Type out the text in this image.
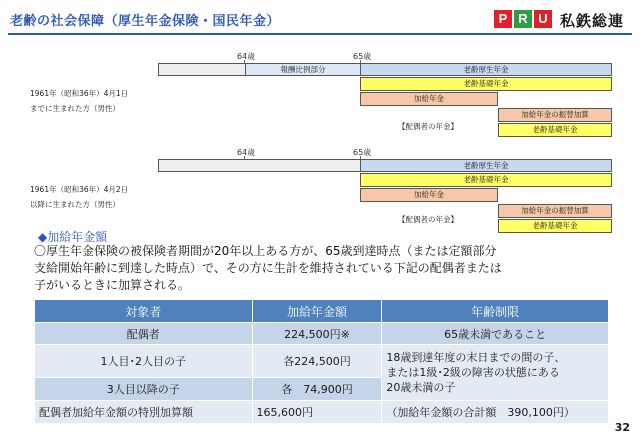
老齢の社会保障（厚生年金保険・国民年金）	P R U 私鉄総連
64歳	65歳
報酬比例部分	老齢厚生年金
老齢基礎年金
加給年金
1961年（昭和36年）4月1日
までに生まれた方（男性）
【配偶者の年金】
加給年金の振替加算
老齢基礎年金
64歳	65歳
老齢厚生年金
老齢基礎年金
加給年金
1961年（昭和36年）4月2日
以降に生まれた方（男性）
【配偶者の年金】
加給年金の振替加算
老齢基礎年金
◆加給年金額
〇厚生年金保険の被保険者期間が20年以上ある方が、65歳到達時点（または定額部分
支給開始年齢に到達した時点）で、その方に生計を維持されている下記の配偶者または
子がいるときに加算される。
対象者	加給年金額	年齢制限
配偶者	224,500円※	65歳未満であること
1人目･2人目の子	各224,500円	18歳到達年度の末日までの間の子、
または1級･2級の障害の状態にある
20歳未満の子

3人目以降の子	各　74,900円	
配偶者加給年金額の特別加算額	165,600円	（加給年金額の合計額　390,100円）
32
